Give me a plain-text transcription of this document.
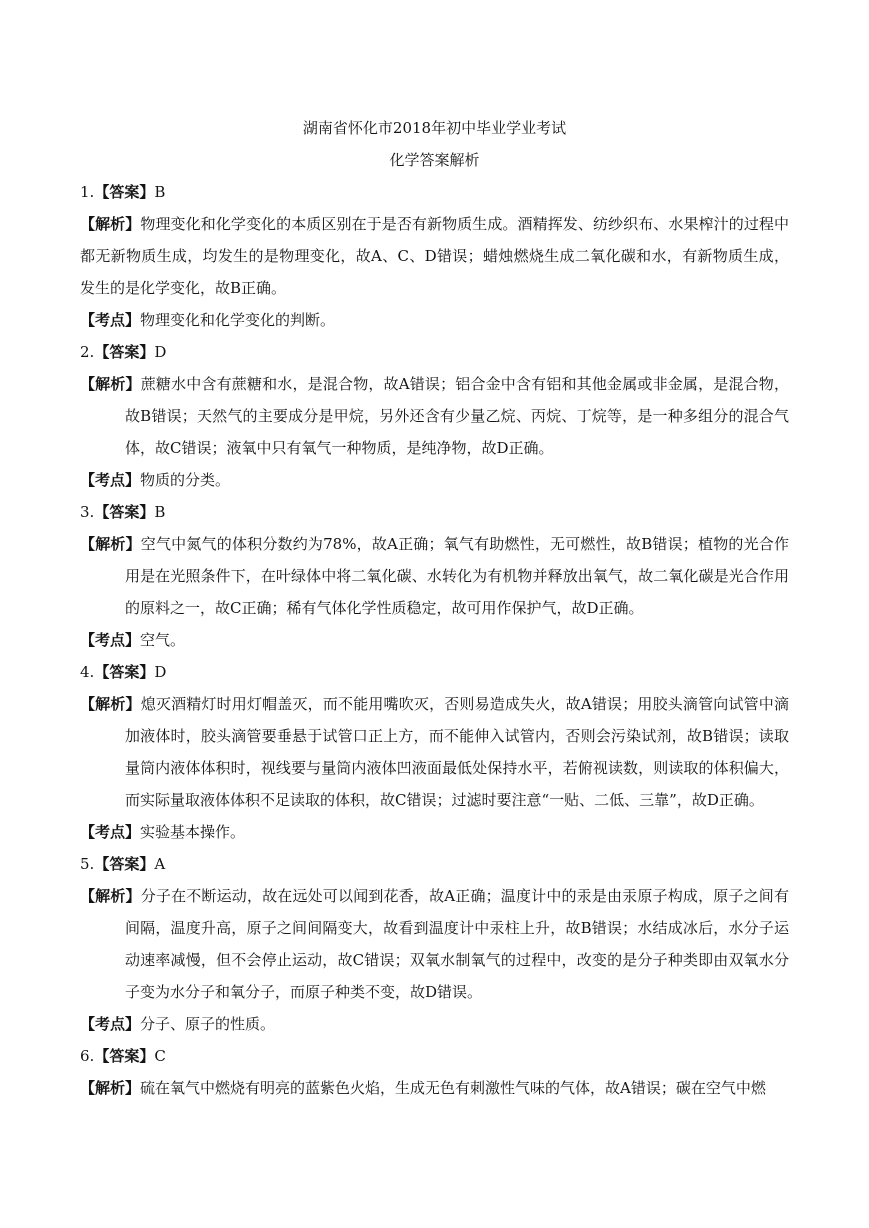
湖南省怀化市2018年初中毕业学业考试
化学答案解析

1.【答案】B

【解析】物理变化和化学变化的本质区别在于是否有新物质生成。酒精挥发、纺纱织布、水果榨汁的过程中都无新物质生成，均发生的是物理变化，故A、C、D错误；蜡烛燃烧生成二氧化碳和水，有新物质生成，发生的是化学变化，故B正确。

【考点】物理变化和化学变化的判断。

2.【答案】D

【解析】蔗糖水中含有蔗糖和水，是混合物，故A错误；铝合金中含有铝和其他金属或非金属，是混合物，故B错误；天然气的主要成分是甲烷，另外还含有少量乙烷、丙烷、丁烷等，是一种多组分的混合气体，故C错误；液氧中只有氧气一种物质，是纯净物，故D正确。

【考点】物质的分类。

3.【答案】B

【解析】空气中氮气的体积分数约为78%，故A正确；氧气有助燃性，无可燃性，故B错误；植物的光合作用是在光照条件下，在叶绿体中将二氧化碳、水转化为有机物并释放出氧气，故二氧化碳是光合作用的原料之一，故C正确；稀有气体化学性质稳定，故可用作保护气，故D正确。

【考点】空气。

4.【答案】D

【解析】熄灭酒精灯时用灯帽盖灭，而不能用嘴吹灭，否则易造成失火，故A错误；用胶头滴管向试管中滴加液体时，胶头滴管要垂悬于试管口正上方，而不能伸入试管内，否则会污染试剂，故B错误；读取量筒内液体体积时，视线要与量筒内液体凹液面最低处保持水平，若俯视读数，则读取的体积偏大，而实际量取液体体积不足读取的体积，故C错误；过滤时要注意“一贴、二低、三靠”，故D正确。

【考点】实验基本操作。

5.【答案】A

【解析】分子在不断运动，故在远处可以闻到花香，故A正确；温度计中的汞是由汞原子构成，原子之间有间隔，温度升高，原子之间间隔变大，故看到温度计中汞柱上升，故B错误；水结成冰后，水分子运动速率减慢，但不会停止运动，故C错误；双氧水制氧气的过程中，改变的是分子种类即由双氧水分子变为水分子和氧分子，而原子种类不变，故D错误。

【考点】分子、原子的性质。

6.【答案】C

【解析】硫在氧气中燃烧有明亮的蓝紫色火焰，生成无色有刺激性气味的气体，故A错误；碳在空气中燃
